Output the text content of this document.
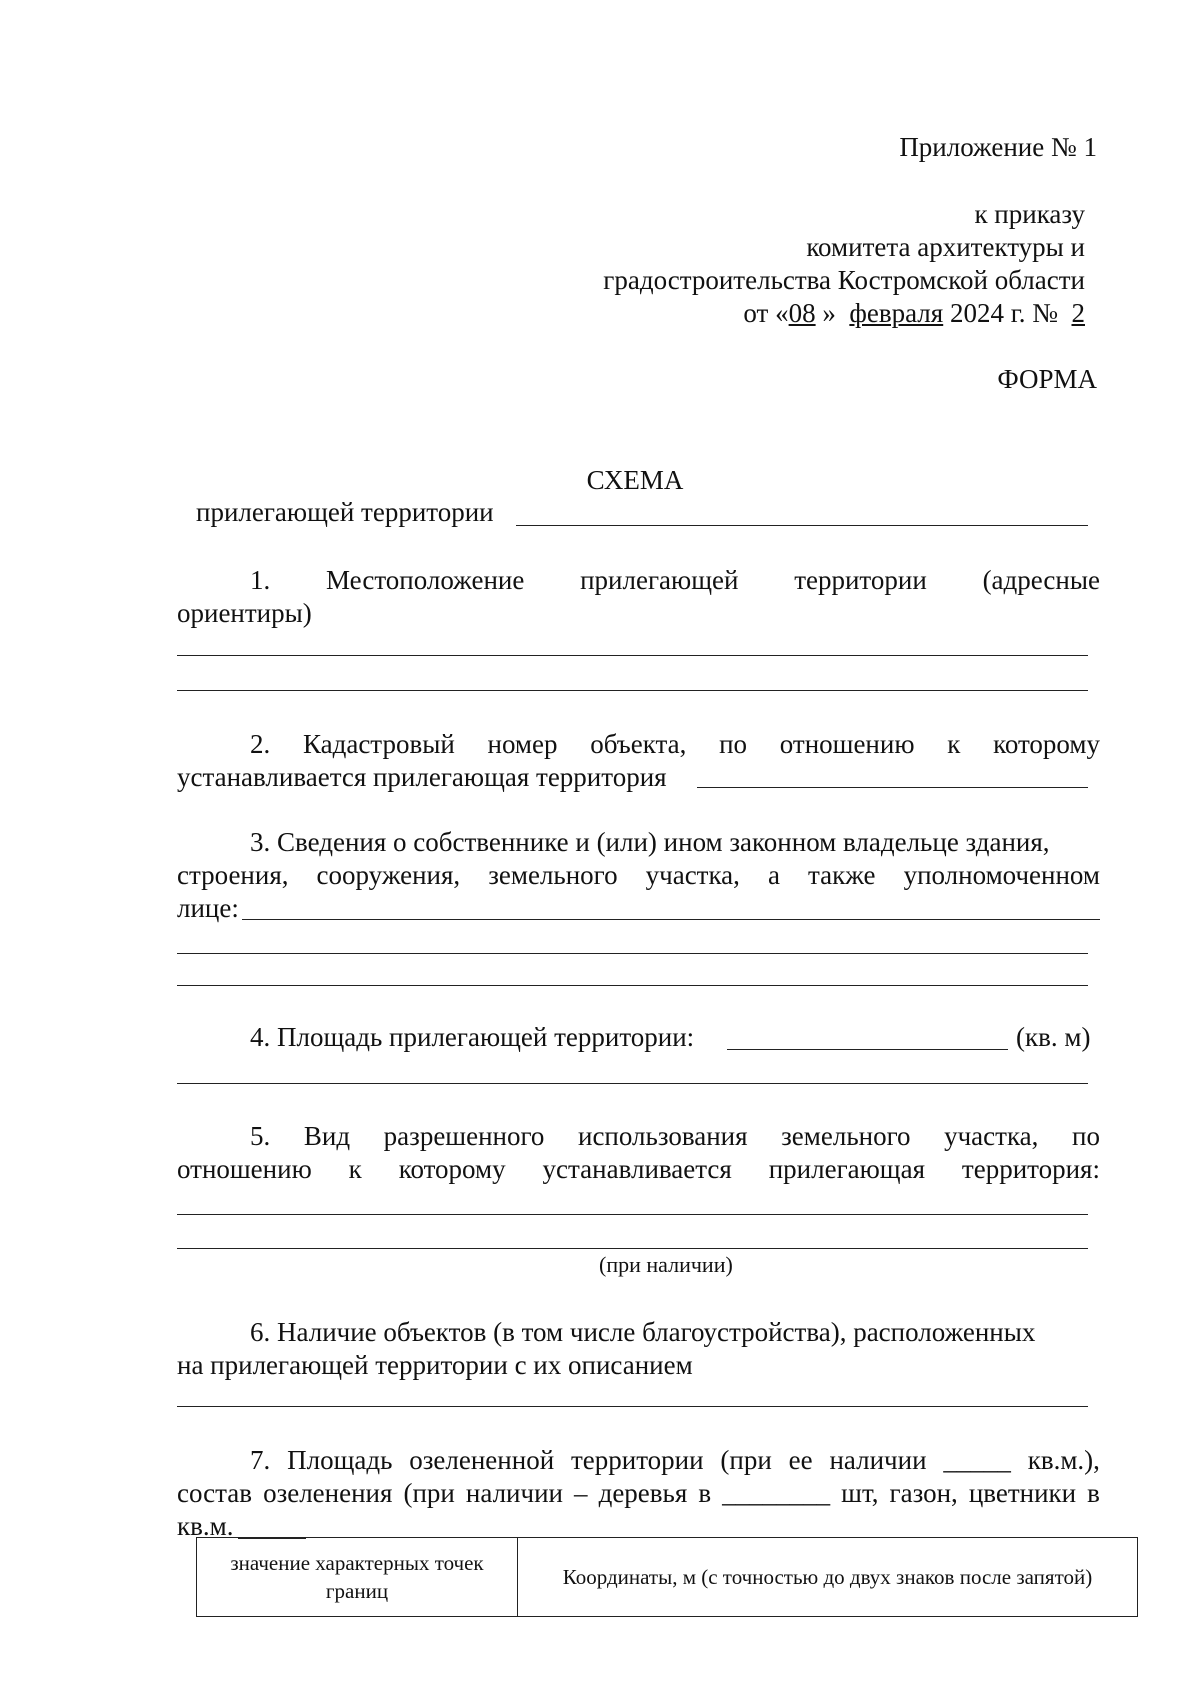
Приложение № 1
к приказу
комитета архитектуры и
градостроительства Костромской области
от «08 » февраля 2024 г. № 2
ФОРМА
СХЕМА
прилегающей территории
1. Местоположение прилегающей территории (адресные
ориентиры)
2. Кадастровый номер объекта, по отношению к которому
устанавливается прилегающая территория
3. Сведения о собственнике и (или) ином законном владельце здания,
строения, сооружения, земельного участка, а также уполномоченном
лице:
4. Площадь прилегающей территории:	(кв. м)
5. Вид разрешенного использования земельного участка, по
отношению к которому устанавливается прилегающая территория:
(при наличии)
6. Наличие объектов (в том числе благоустройства), расположенных
на прилегающей территории с их описанием
7. Площадь озелененной территории (при ее наличии _____ кв.м.),
состав озеленения (при наличии – деревья в ________ шт, газон, цветники в
кв.м.
значение характерных точек границ	Координаты, м (с точностью до двух знаков после запятой)
